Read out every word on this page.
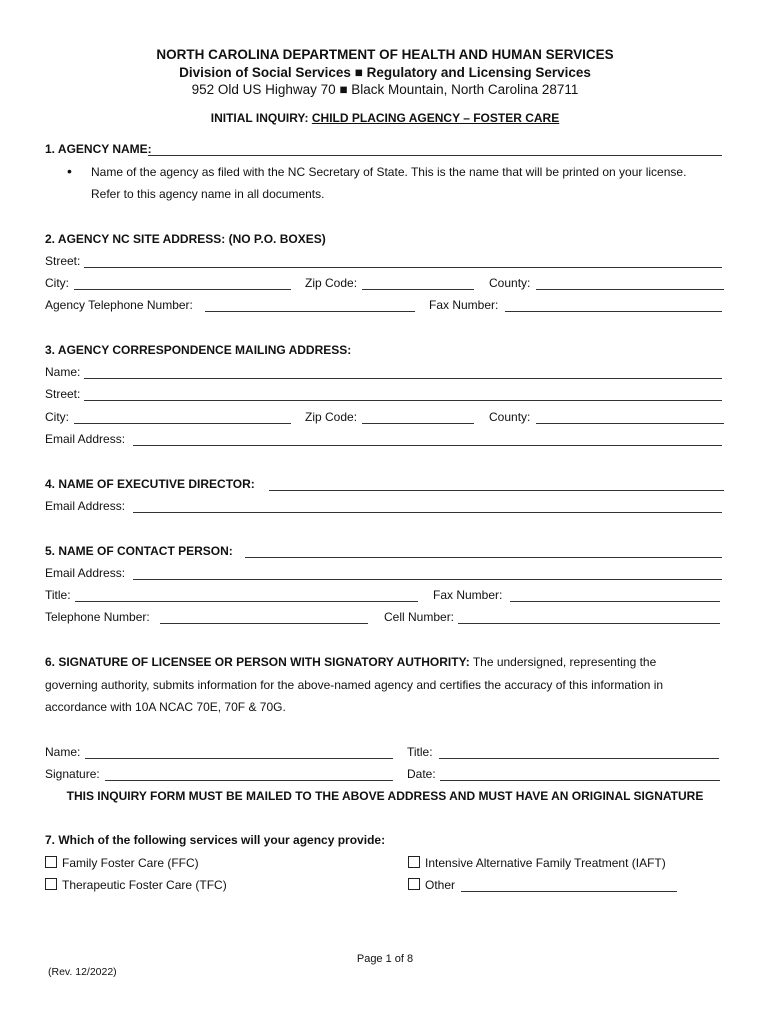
NORTH CAROLINA DEPARTMENT OF HEALTH AND HUMAN SERVICES
Division of Social Services ■ Regulatory and Licensing Services
952 Old US Highway 70 ■ Black Mountain, North Carolina 28711
INITIAL INQUIRY: CHILD PLACING AGENCY – FOSTER CARE
1. AGENCY NAME:
• Name of the agency as filed with the NC Secretary of State. This is the name that will be printed on your license.
Refer to this agency name in all documents.
2. AGENCY NC SITE ADDRESS: (NO P.O. BOXES)
Street:
City:	Zip Code:	County:
Agency Telephone Number:	Fax Number:
3. AGENCY CORRESPONDENCE MAILING ADDRESS:
Name:
Street:
City:	Zip Code:	County:
Email Address:
4. NAME OF EXECUTIVE DIRECTOR:
Email Address:
5. NAME OF CONTACT PERSON:
Email Address:
Title:	Fax Number:
Telephone Number:	Cell Number:
6. SIGNATURE OF LICENSEE OR PERSON WITH SIGNATORY AUTHORITY: The undersigned, representing the
governing authority, submits information for the above-named agency and certifies the accuracy of this information in
accordance with 10A NCAC 70E, 70F & 70G.
Name:	Title:
Signature:	Date:
THIS INQUIRY FORM MUST BE MAILED TO THE ABOVE ADDRESS AND MUST HAVE AN ORIGINAL SIGNATURE
7. Which of the following services will your agency provide:
Family Foster Care (FFC)	Intensive Alternative Family Treatment (IAFT)
Therapeutic Foster Care (TFC)	Other
Page 1 of 8
(Rev. 12/2022)
